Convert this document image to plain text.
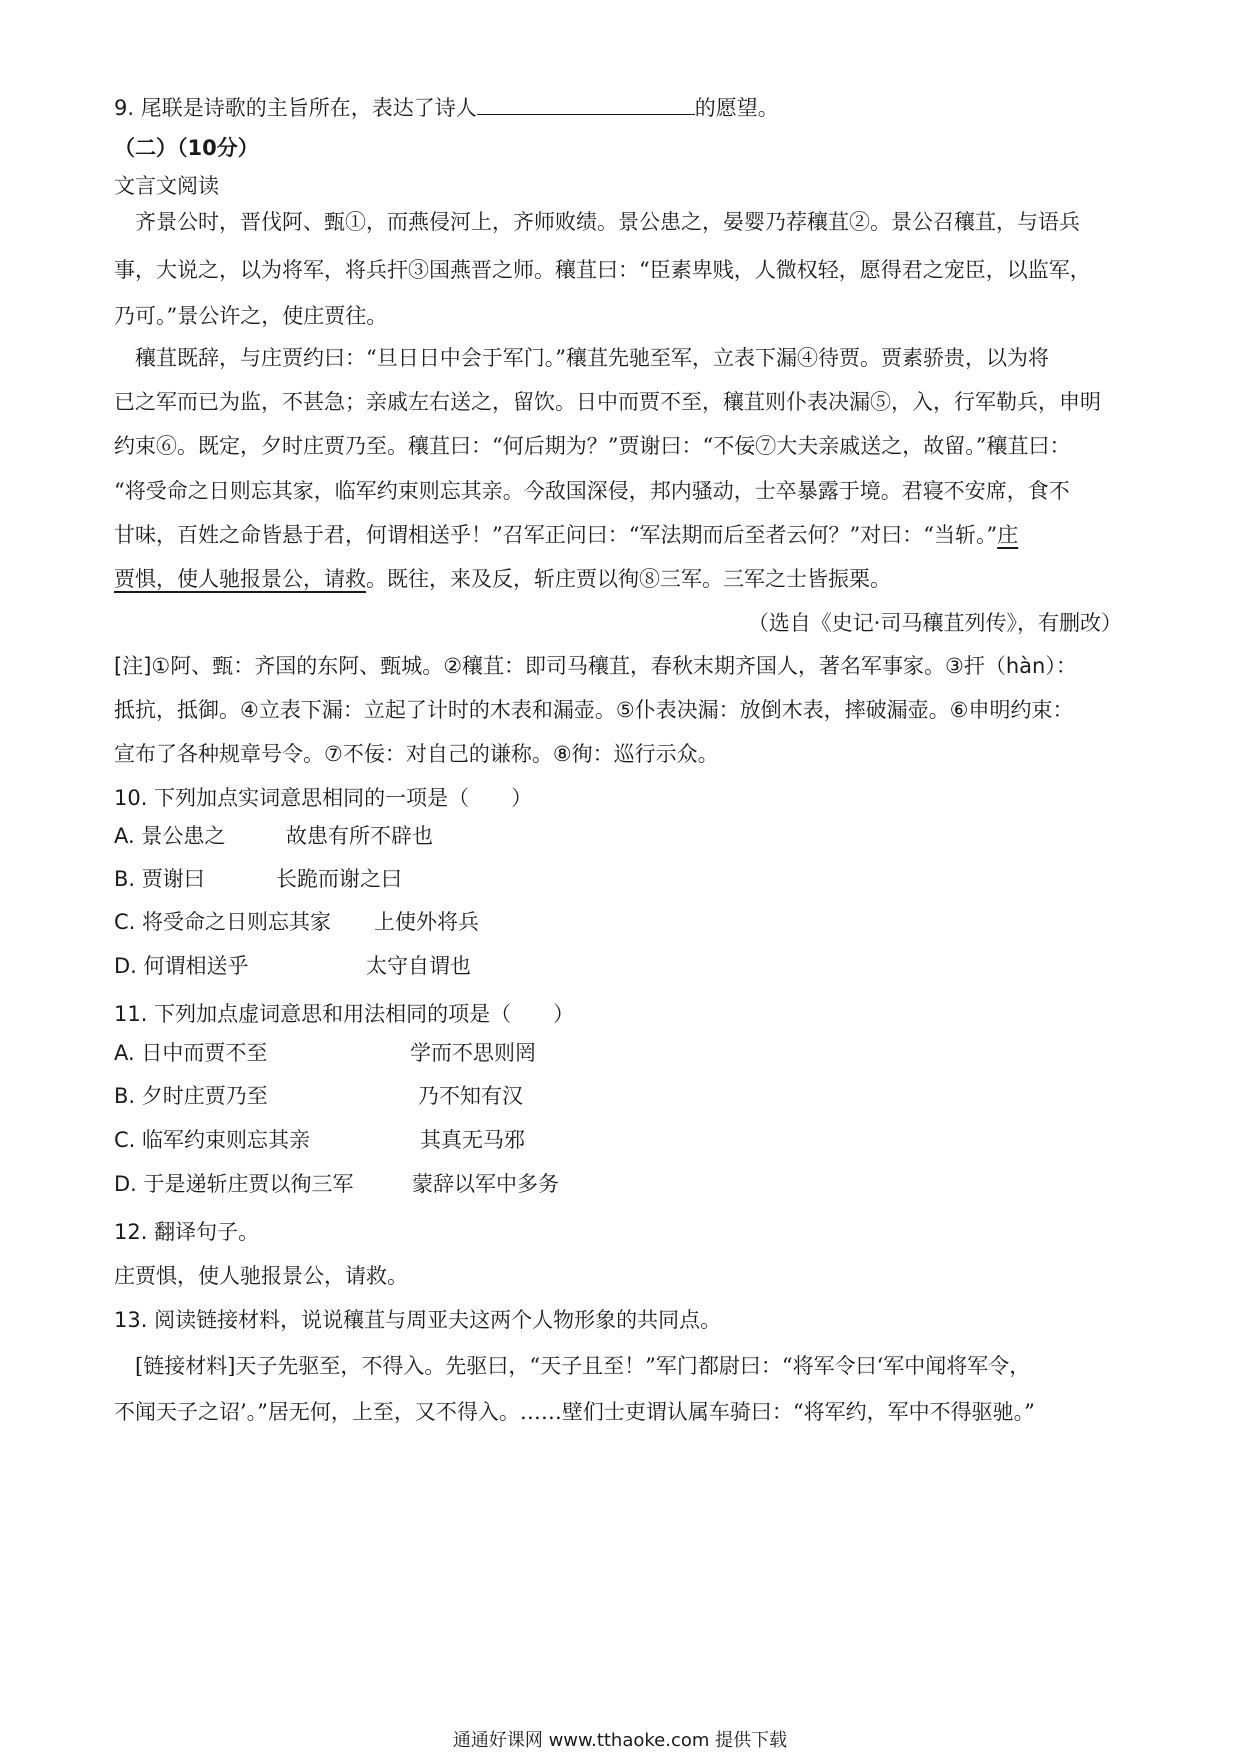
9. 尾联是诗歌的主旨所在，表达了诗人	的愿望。
（二）（10分）
文言文阅读
　齐景公时，晋伐阿、甄①，而燕侵河上，齐师败绩。景公患之，晏婴乃荐穰苴②。景公召穰苴，与语兵
事，大说之，以为将军，将兵扞③国燕晋之师。穰苴曰：“臣素卑贱，人微权轻，愿得君之宠臣，以监军，
乃可。”景公许之，使庄贾往。
　穰苴既辞，与庄贾约曰：“旦日日中会于军门。”穰苴先驰至军，立表下漏④待贾。贾素骄贵，以为将
已之军而已为监，不甚急；亲戚左右送之，留饮。日中而贾不至，穰苴则仆表决漏⑤，入，行军勒兵，申明
约束⑥。既定，夕时庄贾乃至。穰苴曰：“何后期为？”贾谢曰：“不佞⑦大夫亲戚送之，故留。”穰苴曰：
“将受命之日则忘其家，临军约束则忘其亲。今敌国深侵，邦内骚动，士卒暴露于境。君寝不安席，食不
甘味，百姓之命皆悬于君，何谓相送乎！”召军正问曰：“军法期而后至者云何？”对曰：“当斩。”庄
贾惧，使人驰报景公，请救。既往，来及反，斩庄贾以徇⑧三军。三军之士皆振栗。
（选自《史记·司马穰苴列传》，有删改）
[注]①阿、甄：齐国的东阿、甄城。②穰苴：即司马穰苴，春秋末期齐国人，著名军事家。③扞（hàn）：
抵抗，抵御。④立表下漏：立起了计时的木表和漏壶。⑤仆表决漏：放倒木表，摔破漏壶。⑥申明约束：
宣布了各种规章号令。⑦不佞：对自己的谦称。⑧徇：巡行示众。
10. 下列加点实词意思相同的一项是（　　）
A. 景公患之	故患有所不辟也
B. 贾谢曰	长跪而谢之曰
C. 将受命之日则忘其家 上使外将兵
D. 何谓相送乎	太守自谓也
11. 下列加点虚词意思和用法相同的项是（　　）
A. 日中而贾不至	学而不思则罔
B. 夕时庄贾乃至	乃不知有汉
C. 临军约束则忘其亲	其真无马邪
D. 于是递斩庄贾以徇三军	蒙辞以军中多务
12. 翻译句子。
庄贾惧，使人驰报景公，请救。
13. 阅读链接材料，说说穰苴与周亚夫这两个人物形象的共同点。
　[链接材料]天子先驱至，不得入。先驱曰，“天子且至！”军门都尉曰：“将军令曰‘军中闻将军令，
不闻天子之诏’。”居无何，上至，又不得入。……壁们士吏谓认属车骑曰：“将军约，军中不得驱驰。”
通通好课网 www.tthaoke.com 提供下载
